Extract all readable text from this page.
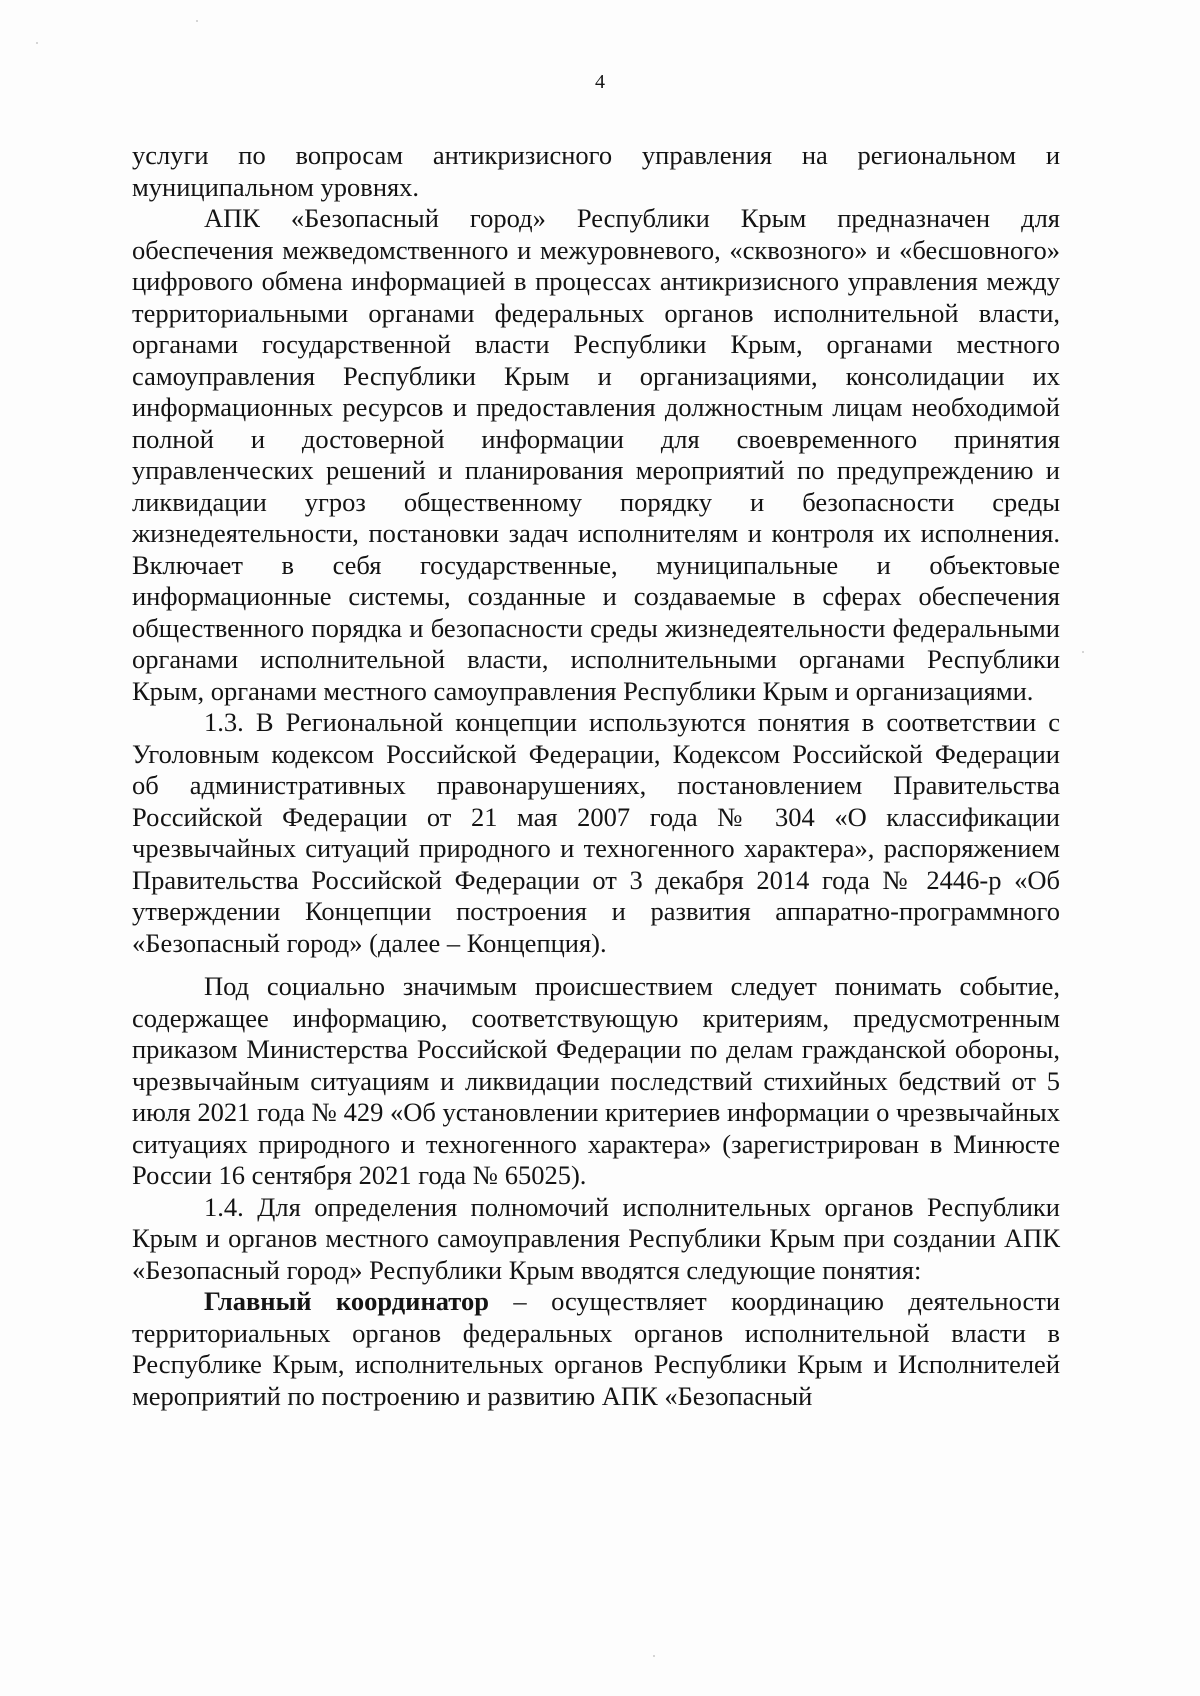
4

услуги по вопросам антикризисного управления на региональном и муниципальном уровнях.

АПК «Безопасный город» Республики Крым предназначен для обеспечения межведомственного и межуровневого, «сквозного» и «бесшовного» цифрового обмена информацией в процессах антикризисного управления между территориальными органами федеральных органов исполнительной власти, органами государственной власти Республики Крым, органами местного самоуправления Республики Крым и организациями, консолидации их информационных ресурсов и предоставления должностным лицам необходимой полной и достоверной информации для своевременного принятия управленческих решений и планирования мероприятий по предупреждению и ликвидации угроз общественному порядку и безопасности среды жизнедеятельности, постановки задач исполнителям и контроля их исполнения. Включает в себя государственные, муниципальные и объектовые информационные системы, созданные и создаваемые в сферах обеспечения общественного порядка и безопасности среды жизнедеятельности федеральными органами исполнительной власти, исполнительными органами Республики Крым, органами местного самоуправления Республики Крым и организациями.

1.3. В Региональной концепции используются понятия в соответствии с Уголовным кодексом Российской Федерации, Кодексом Российской Федерации об административных правонарушениях, постановлением Правительства Российской Федерации от 21 мая 2007 года № 304 «О классификации чрезвычайных ситуаций природного и техногенного характера», распоряжением Правительства Российской Федерации от 3 декабря 2014 года № 2446-р «Об утверждении Концепции построения и развития аппаратно-программного «Безопасный город» (далее – Концепция).

Под социально значимым происшествием следует понимать событие, содержащее информацию, соответствующую критериям, предусмотренным приказом Министерства Российской Федерации по делам гражданской обороны, чрезвычайным ситуациям и ликвидации последствий стихийных бедствий от 5 июля 2021 года № 429 «Об установлении критериев информации о чрезвычайных ситуациях природного и техногенного характера» (зарегистрирован в Минюсте России 16 сентября 2021 года № 65025).

1.4. Для определения полномочий исполнительных органов Республики Крым и органов местного самоуправления Республики Крым при создании АПК «Безопасный город» Республики Крым вводятся следующие понятия:

Главный координатор – осуществляет координацию деятельности территориальных органов федеральных органов исполнительной власти в Республике Крым, исполнительных органов Республики Крым и Исполнителей мероприятий по построению и развитию АПК «Безопасный
